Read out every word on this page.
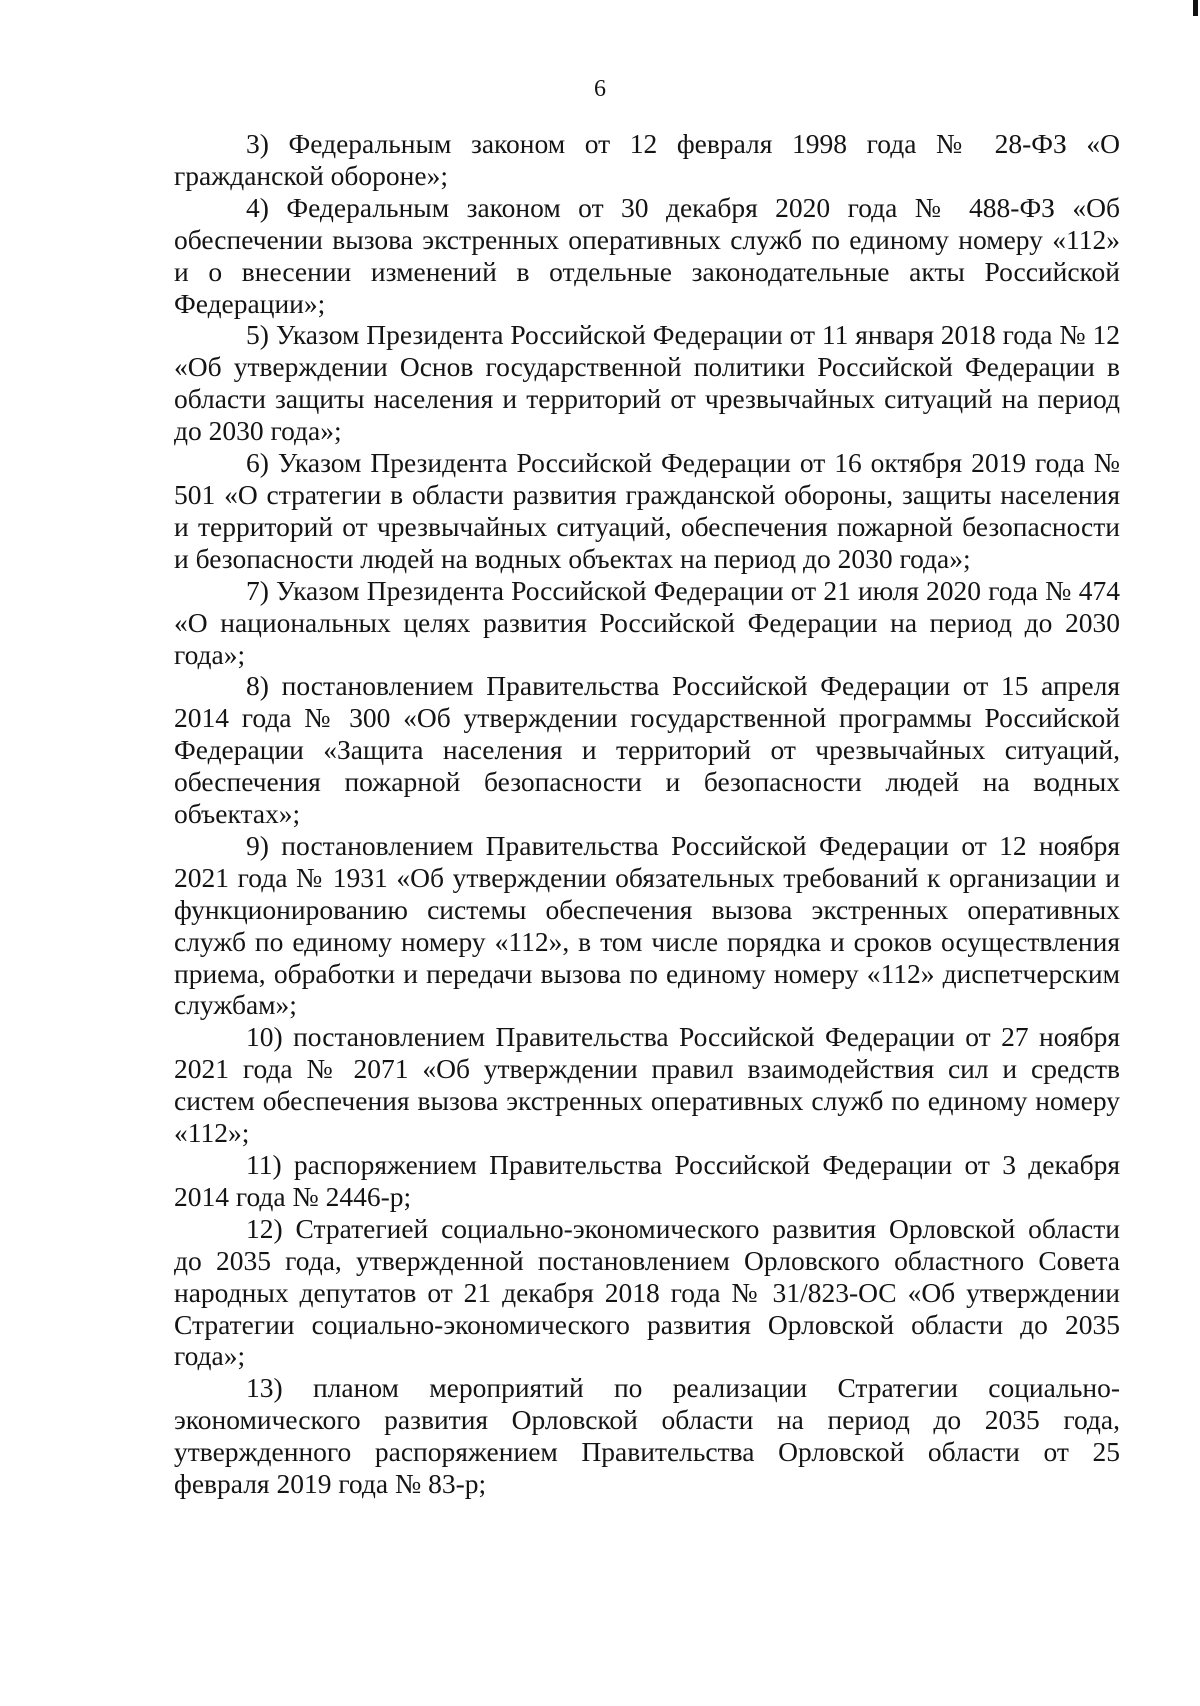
6

3) Федеральным законом от 12 февраля 1998 года № 28-ФЗ «О гражданской обороне»;

4) Федеральным законом от 30 декабря 2020 года № 488-ФЗ «Об обеспечении вызова экстренных оперативных служб по единому номеру «112» и о внесении изменений в отдельные законодательные акты Российской Федерации»;

5) Указом Президента Российской Федерации от 11 января 2018 года № 12 «Об утверждении Основ государственной политики Российской Федерации в области защиты населения и территорий от чрезвычайных ситуаций на период до 2030 года»;

6) Указом Президента Российской Федерации от 16 октября 2019 года № 501 «О стратегии в области развития гражданской обороны, защиты населения и территорий от чрезвычайных ситуаций, обеспечения пожарной безопасности и безопасности людей на водных объектах на период до 2030 года»;

7) Указом Президента Российской Федерации от 21 июля 2020 года № 474 «О национальных целях развития Российской Федерации на период до 2030 года»;

8) постановлением Правительства Российской Федерации от 15 апреля 2014 года № 300 «Об утверждении государственной программы Российской Федерации «Защита населения и территорий от чрезвычайных ситуаций, обеспечения пожарной безопасности и безопасности людей на водных объектах»;

9) постановлением Правительства Российской Федерации от 12 ноября 2021 года № 1931 «Об утверждении обязательных требований к организации и функционированию системы обеспечения вызова экстренных оперативных служб по единому номеру «112», в том числе порядка и сроков осуществления приема, обработки и передачи вызова по единому номеру «112» диспетчерским службам»;

10) постановлением Правительства Российской Федерации от 27 ноября 2021 года № 2071 «Об утверждении правил взаимодействия сил и средств систем обеспечения вызова экстренных оперативных служб по единому номеру «112»;

11) распоряжением Правительства Российской Федерации от 3 декабря 2014 года № 2446-р;

12) Стратегией социально-экономического развития Орловской области до 2035 года, утвержденной постановлением Орловского областного Совета народных депутатов от 21 декабря 2018 года № 31/823-ОС «Об утверждении Стратегии социально-экономического развития Орловской области до 2035 года»;

13) планом мероприятий по реализации Стратегии социально-экономического развития Орловской области на период до 2035 года, утвержденного распоряжением Правительства Орловской области от 25 февраля 2019 года № 83-р;
